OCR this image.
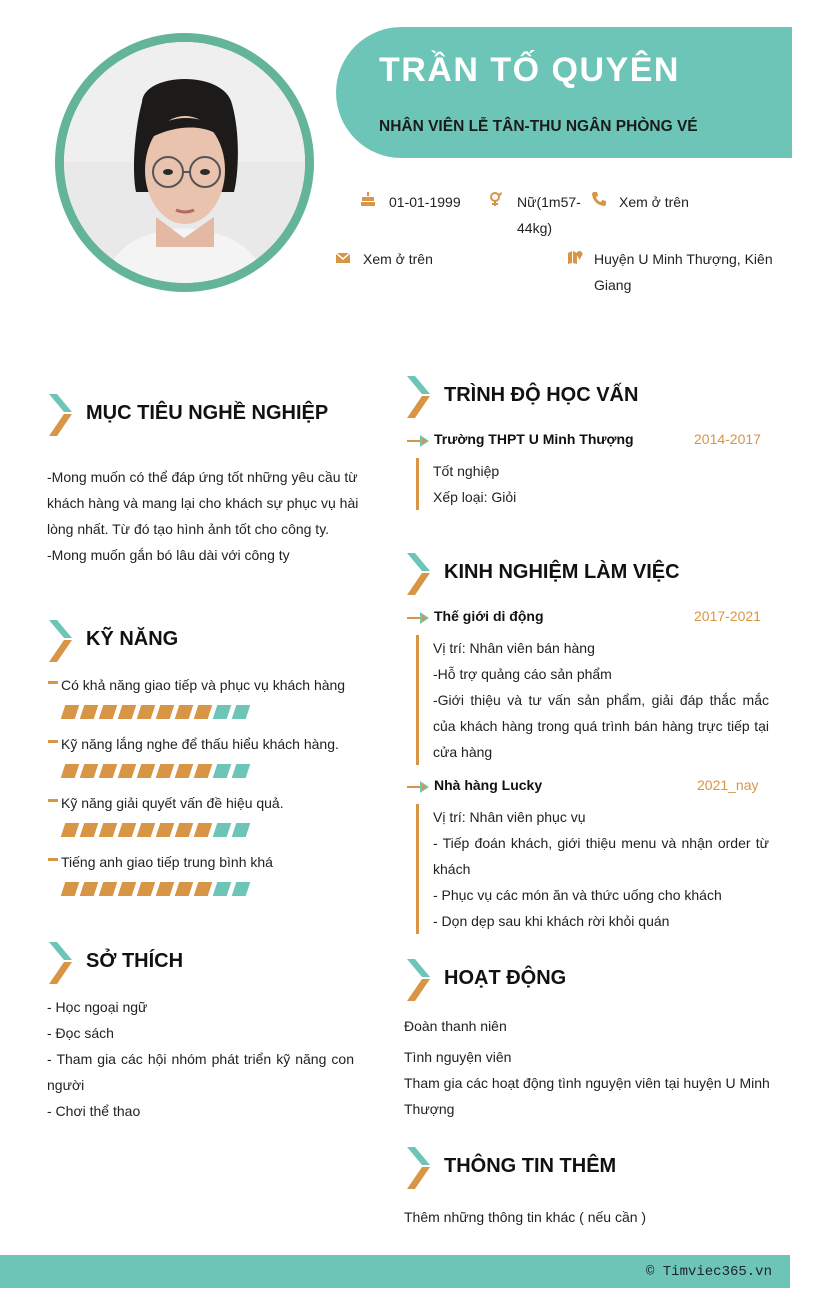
TRẦN TỐ QUYÊN
NHÂN VIÊN LỄ TÂN-THU NGÂN PHÒNG VÉ
01-01-1999	Nữ(1m57-
44kg)
Xem ở trên
Xem ở trên	Huyện U Minh Thượng, Kiên
Giang
MỤC TIÊU NGHỀ NGHIỆP
-Mong muốn có thể đáp ứng tốt những yêu cầu từ
khách hàng và mang lại cho khách sự phục vụ hài
lòng nhất. Từ đó tạo hình ảnh tốt cho công ty.
-Mong muốn gắn bó lâu dài với công ty
KỸ NĂNG
Có khả năng giao tiếp và phục vụ khách hàng
Kỹ năng lắng nghe để thấu hiểu khách hàng.
Kỹ năng giải quyết vấn đề hiệu quả.
Tiếng anh giao tiếp trung bình khá
SỞ THÍCH
- Học ngoại ngữ
- Đọc sách
- Tham gia các hội nhóm phát triển kỹ năng con người
- Chơi thể thao
TRÌNH ĐỘ HỌC VẤN
Trường THPT U Minh Thượng	2014-2017
Tốt nghiệp
Xếp loại: Giỏi
KINH NGHIỆM LÀM VIỆC
Thế giới di động	2017-2021
Vị trí: Nhân viên bán hàng
-Hỗ trợ quảng cáo sản phẩm
-Giới thiệu và tư vấn sản phẩm, giải đáp thắc mắc của khách hàng trong quá trình bán hàng trực tiếp tại cửa hàng
Nhà hàng Lucky	2021_nay
Vị trí: Nhân viên phục vụ
- Tiếp đoán khách, giới thiệu menu và nhận order từ khách
- Phục vụ các món ăn và thức uống cho khách
- Dọn dẹp sau khi khách rời khỏi quán
HOẠT ĐỘNG
Đoàn thanh niên
Tình nguyện viên
Tham gia các hoạt động tình nguyện viên tại huyện U Minh Thượng
THÔNG TIN THÊM
Thêm những thông tin khác ( nếu cần )
© Timviec365.vn
